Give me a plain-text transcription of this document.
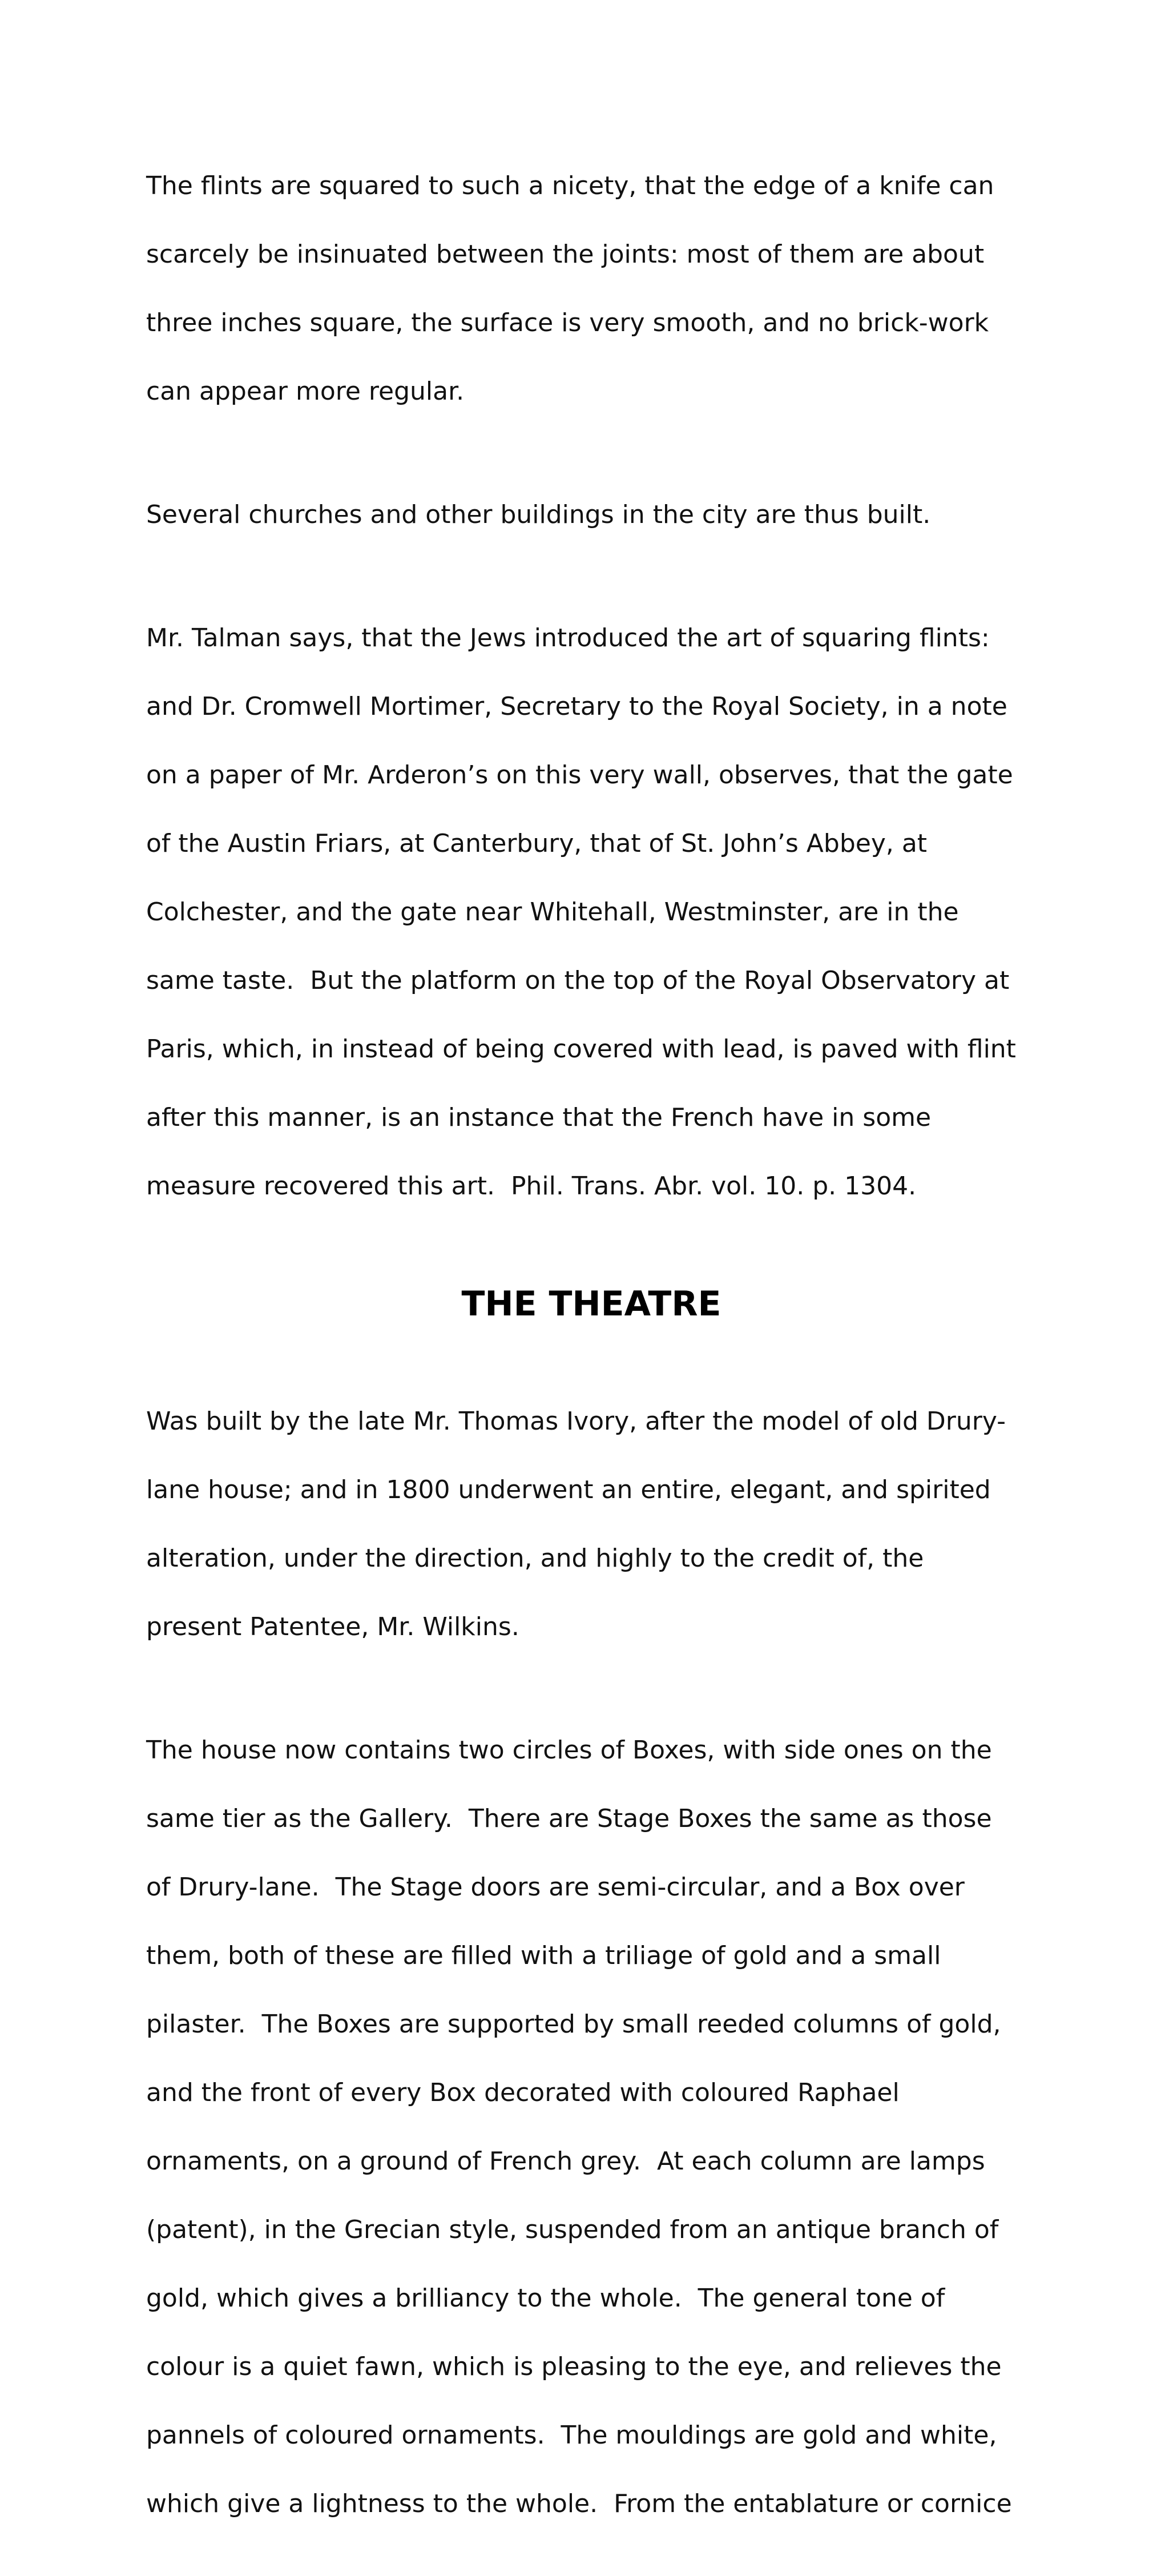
The flints are squared to such a nicety, that the edge of a knife can

scarcely be insinuated between the joints: most of them are about

three inches square, the surface is very smooth, and no brick-work

can appear more regular.

Several churches and other buildings in the city are thus built.

Mr. Talman says, that the Jews introduced the art of squaring flints:

and Dr. Cromwell Mortimer, Secretary to the Royal Society, in a note

on a paper of Mr. Arderon’s on this very wall, observes, that the gate

of the Austin Friars, at Canterbury, that of St. John’s Abbey, at

Colchester, and the gate near Whitehall, Westminster, are in the

same taste.  But the platform on the top of the Royal Observatory at

Paris, which, in instead of being covered with lead, is paved with flint

after this manner, is an instance that the French have in some

measure recovered this art.  Phil. Trans. Abr. vol. 10. p. 1304.

THE THEATRE

Was built by the late Mr. Thomas Ivory, after the model of old Drury-

lane house; and in 1800 underwent an entire, elegant, and spirited

alteration, under the direction, and highly to the credit of, the

present Patentee, Mr. Wilkins.

The house now contains two circles of Boxes, with side ones on the

same tier as the Gallery.  There are Stage Boxes the same as those

of Drury-lane.  The Stage doors are semi-circular, and a Box over

them, both of these are filled with a triliage of gold and a small

pilaster.  The Boxes are supported by small reeded columns of gold,

and the front of every Box decorated with coloured Raphael

ornaments, on a ground of French grey.  At each column are lamps

(patent), in the Grecian style, suspended from an antique branch of

gold, which gives a brilliancy to the whole.  The general tone of

colour is a quiet fawn, which is pleasing to the eye, and relieves the

pannels of coloured ornaments.  The mouldings are gold and white,

which give a lightness to the whole.  From the entablature or cornice
